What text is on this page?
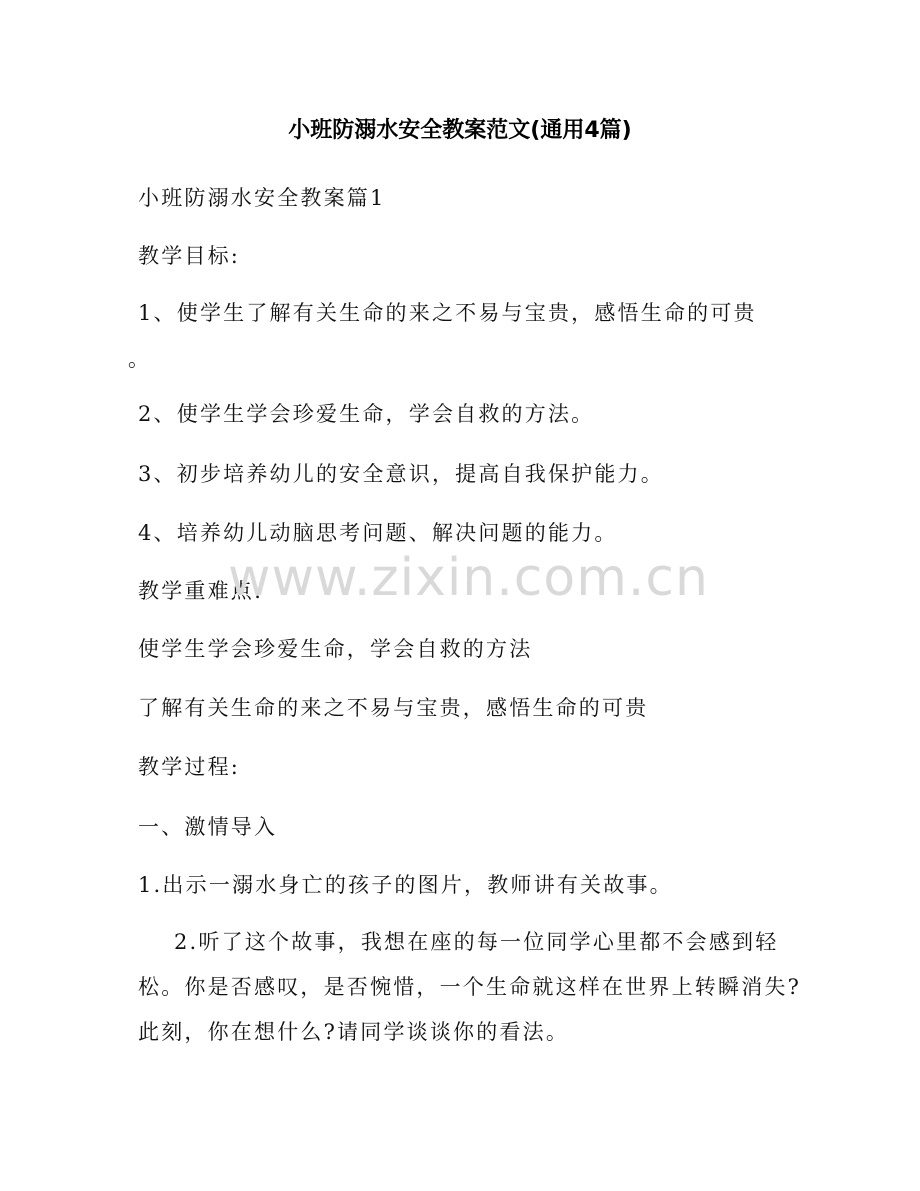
小班防溺水安全教案范文(通用4篇)
小班防溺水安全教案篇1
教学目标:
1、使学生了解有关生命的来之不易与宝贵，感悟生命的可贵
。
2、使学生学会珍爱生命，学会自救的方法。
3、初步培养幼儿的安全意识，提高自我保护能力。
4、培养幼儿动脑思考问题、解决问题的能力。
教学重难点:
使学生学会珍爱生命，学会自救的方法
了解有关生命的来之不易与宝贵，感悟生命的可贵
教学过程:
一、激情导入
1.出示一溺水身亡的孩子的图片，教师讲有关故事。
2.听了这个故事，我想在座的每一位同学心里都不会感到轻
松。你是否感叹，是否惋惜，一个生命就这样在世界上转瞬消失?
此刻，你在想什么?请同学谈谈你的看法。
www.zixin.com.cn
